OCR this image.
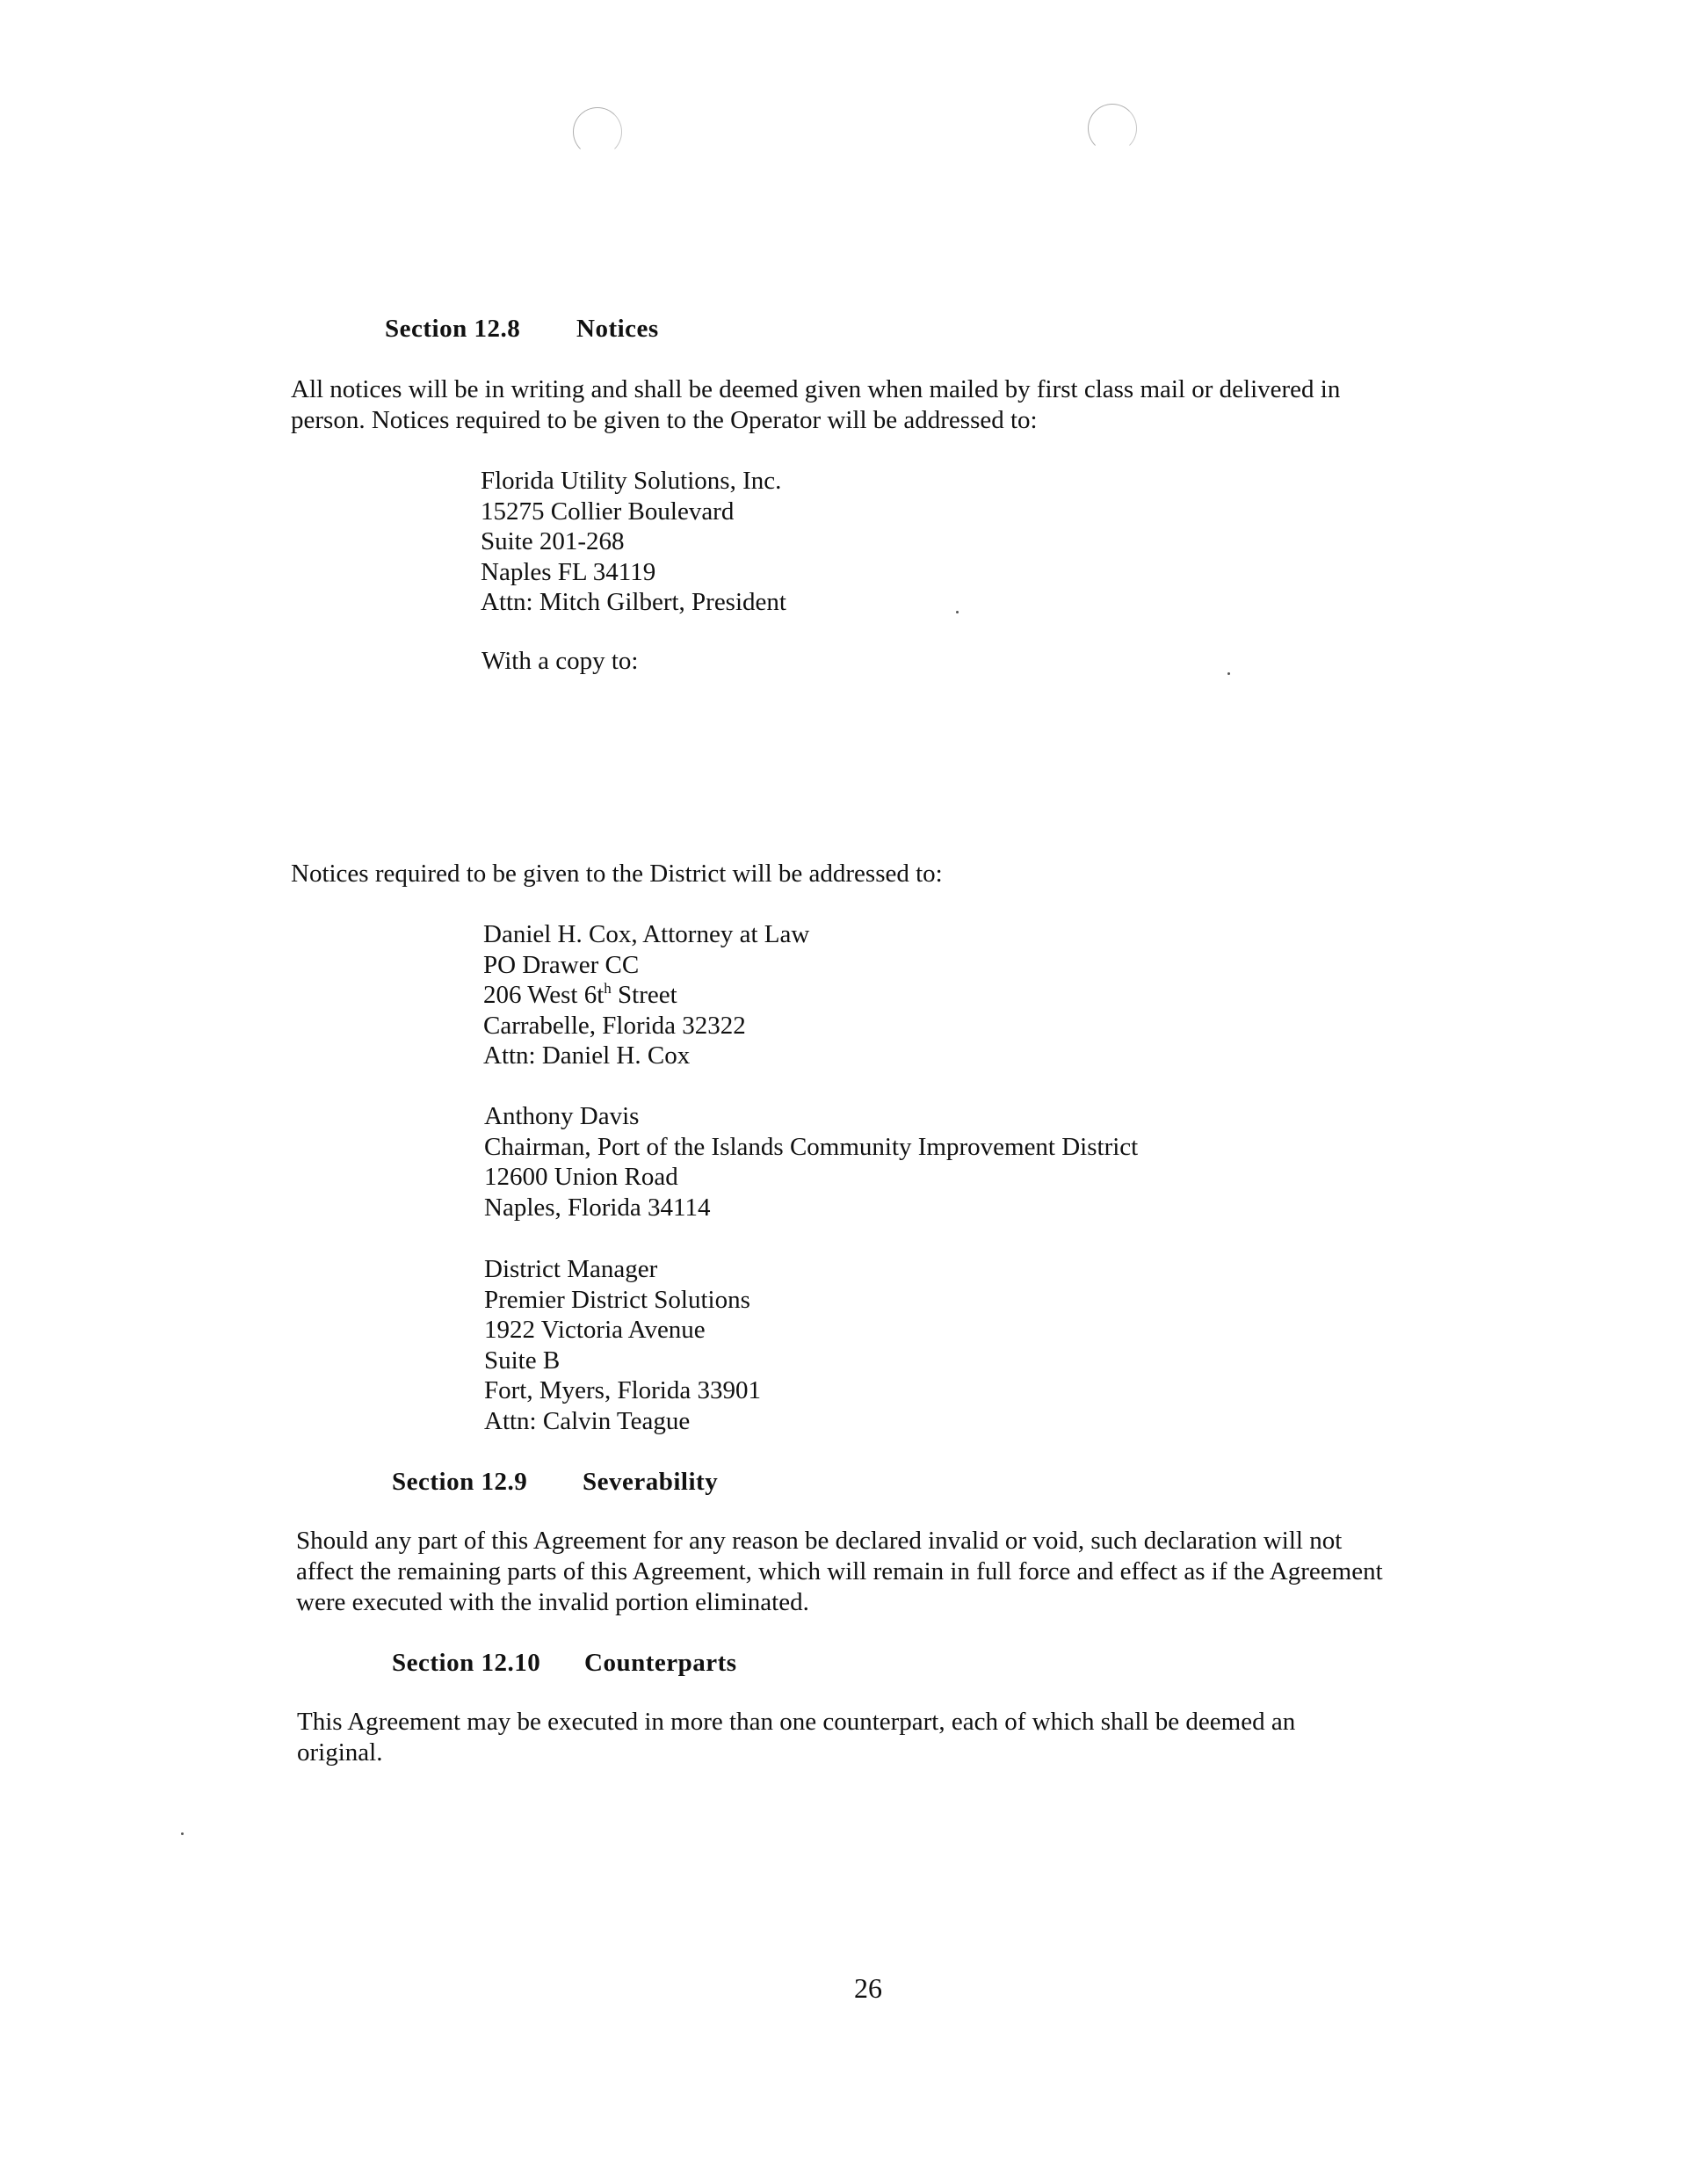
Section 12.8 Notices
All notices will be in writing and shall be deemed given when mailed by first class mail or delivered in
person. Notices required to be given to the Operator will be addressed to:
Florida Utility Solutions, Inc.
15275 Collier Boulevard
Suite 201-268
Naples FL 34119
Attn: Mitch Gilbert, President
With a copy to:
Notices required to be given to the District will be addressed to:
Daniel H. Cox, Attorney at Law
PO Drawer CC
206 West $6t^h$ Street
Carrabelle, Florida 32322
Attn: Daniel H. Cox
Anthony Davis
Chairman, Port of the Islands Community Improvement District
12600 Union Road
Naples, Florida 34114
District Manager
Premier District Solutions
1922 Victoria Avenue
Suite B
Fort, Myers, Florida 33901
Attn: Calvin Teague
Section 12.9 Severability
Should any part of this Agreement for any reason be declared invalid or void, such declaration will not
affect the remaining parts of this Agreement, which will remain in full force and effect as if the Agreement
were executed with the invalid portion eliminated.
Section 12.10 Counterparts
This Agreement may be executed in more than one counterpart, each of which shall be deemed an
original.
26
